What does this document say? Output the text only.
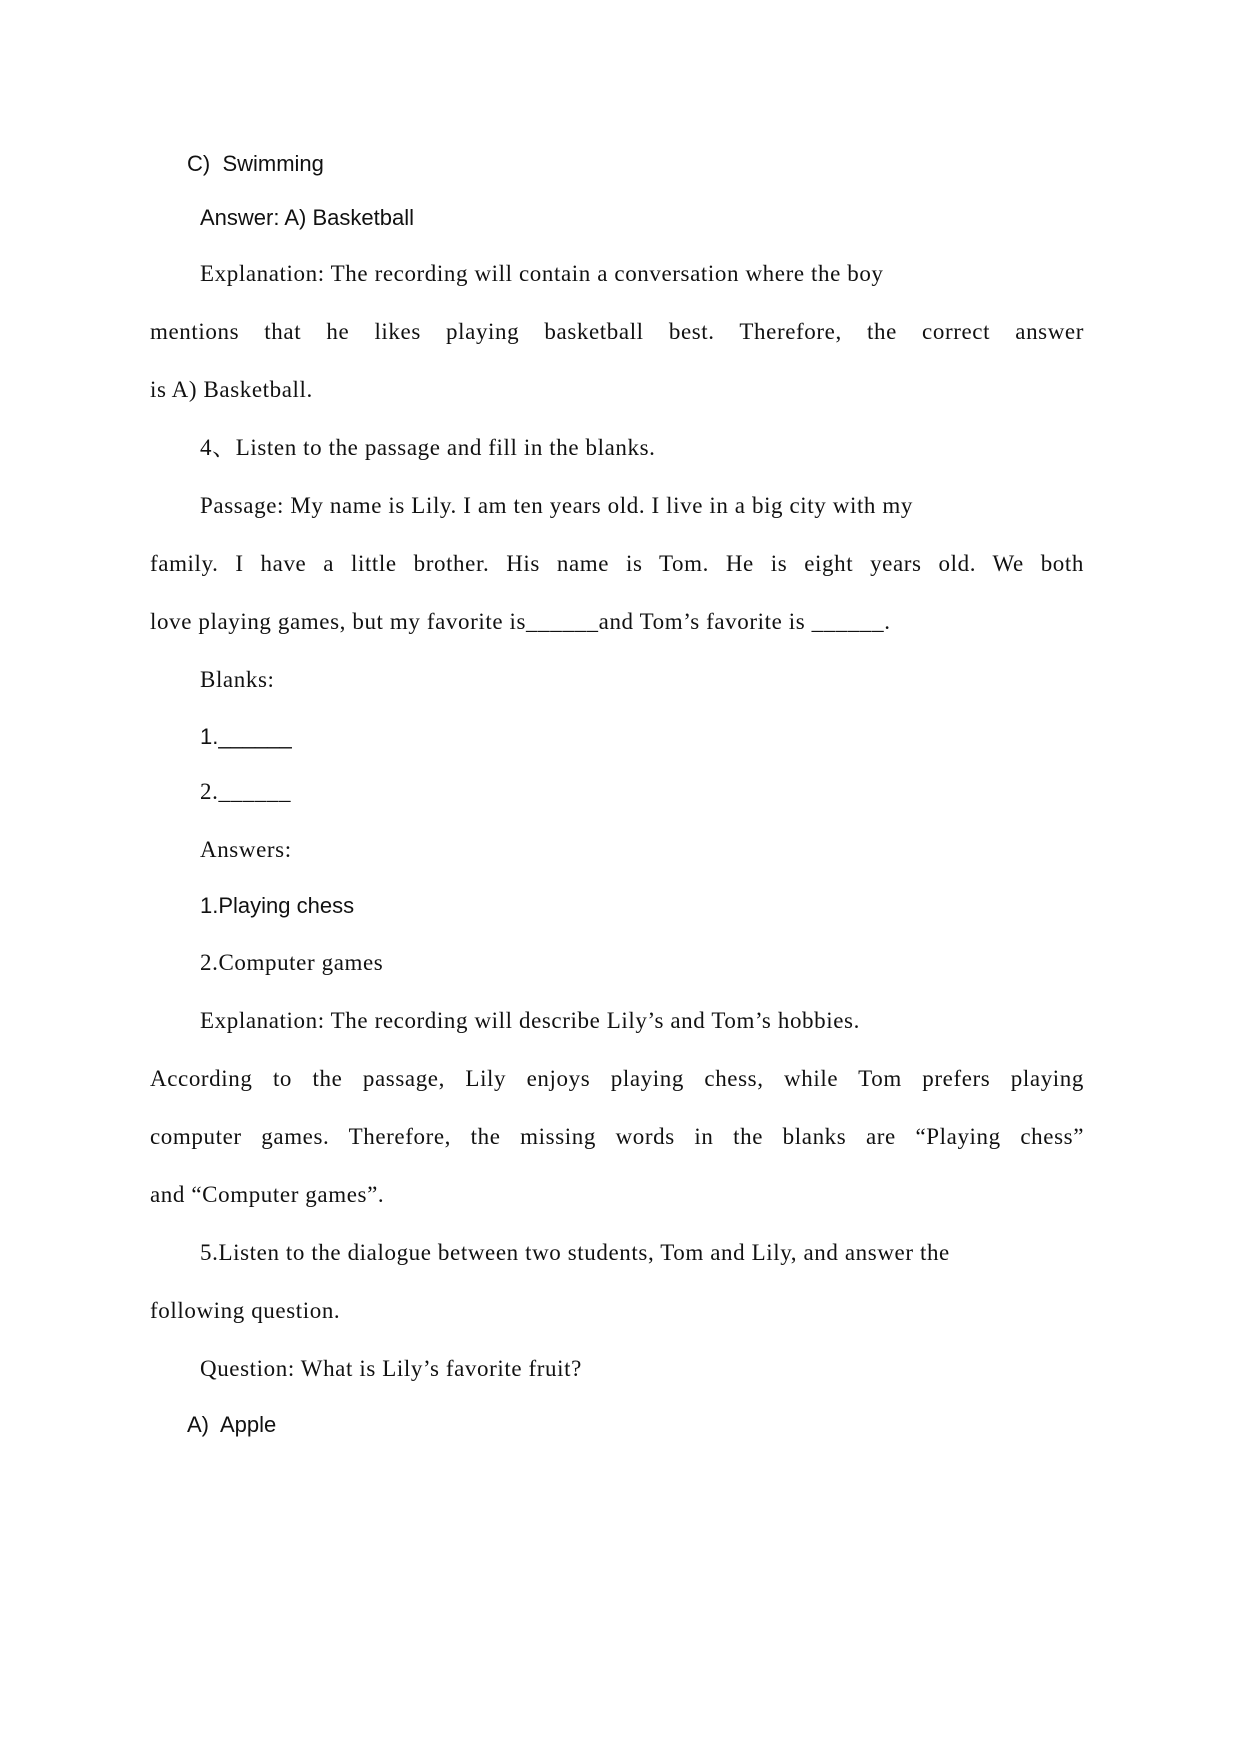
C)  Swimming

Answer: A) Basketball

Explanation: The recording will contain a conversation where the boy

mentions that he likes playing basketball best. Therefore, the correct answer

is A) Basketball.

4、Listen to the passage and fill in the blanks.

Passage: My name is Lily. I am ten years old. I live in a big city with my

family. I have a little brother. His name is Tom. He is eight years old. We both

love playing games, but my favorite is______and Tom’s favorite is ______.

Blanks:

1.______

2.______

Answers:

1.Playing chess

2.Computer games

Explanation: The recording will describe Lily’s and Tom’s hobbies.

According to the passage, Lily enjoys playing chess, while Tom prefers playing

computer games. Therefore, the missing words in the blanks are “Playing chess”

and “Computer games”.

5.Listen to the dialogue between two students, Tom and Lily, and answer the

following question.

Question: What is Lily’s favorite fruit?

A)  Apple
